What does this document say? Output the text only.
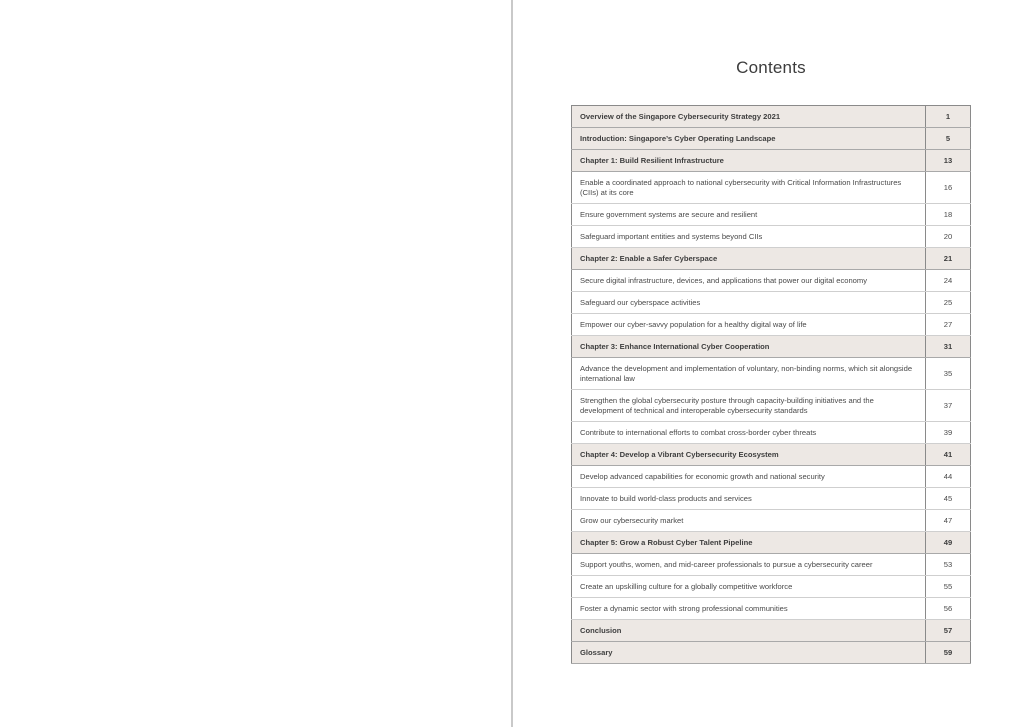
Contents
Overview of the Singapore Cybersecurity Strategy 2021	1
Introduction: Singapore’s Cyber Operating Landscape	5
Chapter 1: Build Resilient Infrastructure	13
Enable a coordinated approach to national cybersecurity with Critical Information Infrastructures (CIIs) at its core	16
Ensure government systems are secure and resilient	18
Safeguard important entities and systems beyond CIIs	20
Chapter 2: Enable a Safer Cyberspace	21
Secure digital infrastructure, devices, and applications that power our digital economy	24
Safeguard our cyberspace activities	25
Empower our cyber-savvy population for a healthy digital way of life	27
Chapter 3: Enhance International Cyber Cooperation	31
Advance the development and implementation of voluntary, non-binding norms, which sit alongside international law	35
Strengthen the global cybersecurity posture through capacity-building initiatives and the development of technical and interoperable cybersecurity standards	37
Contribute to international efforts to combat cross-border cyber threats	39
Chapter 4: Develop a Vibrant Cybersecurity Ecosystem	41
Develop advanced capabilities for economic growth and national security	44
Innovate to build world-class products and services	45
Grow our cybersecurity market	47
Chapter 5: Grow a Robust Cyber Talent Pipeline	49
Support youths, women, and mid-career professionals to pursue a cybersecurity career	53
Create an upskilling culture for a globally competitive workforce	55
Foster a dynamic sector with strong professional communities	56
Conclusion	57
Glossary	59
